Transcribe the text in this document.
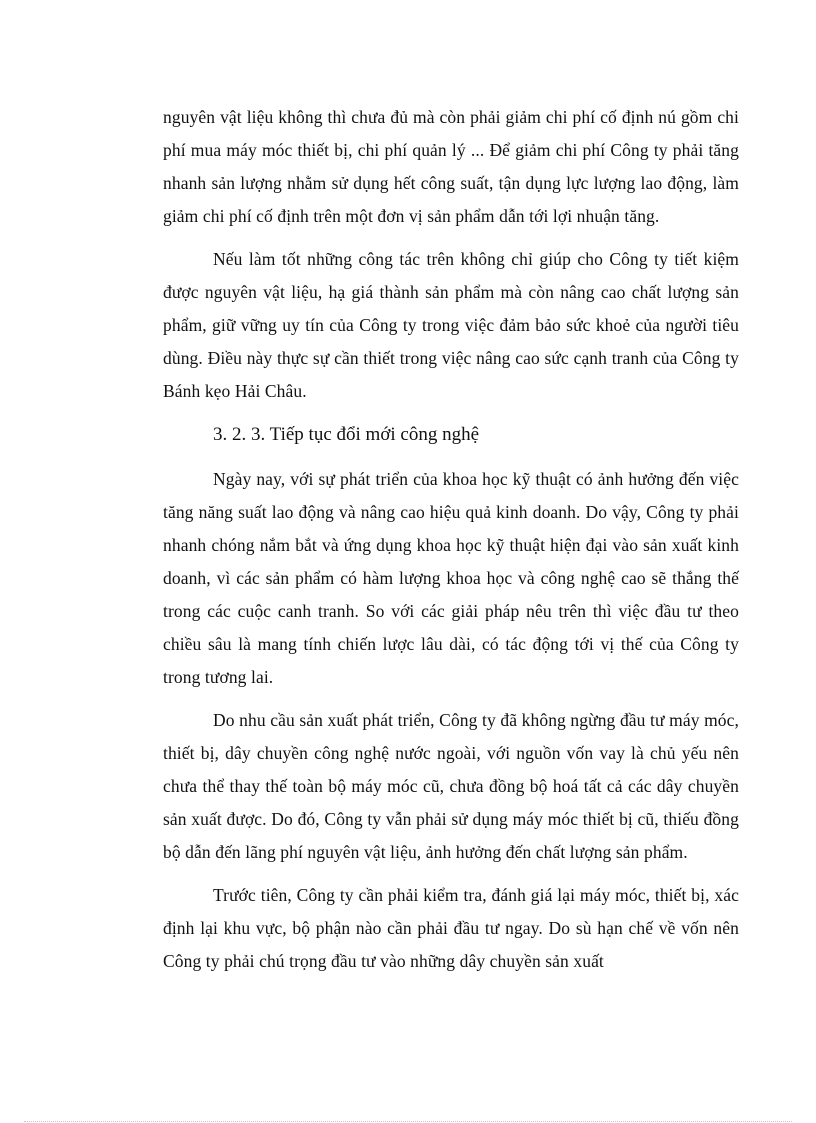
nguyên vật liệu không thì chưa đủ mà còn phải giảm chi phí cố định nú gồm chi phí mua máy móc thiết bị, chi phí quản lý ... Để giảm chi phí Công ty phải tăng nhanh sản lượng nhằm sử dụng hết công suất, tận dụng lực lượng lao động, làm giảm chi phí cố định trên một đơn vị sản phẩm dẫn tới lợi nhuận tăng.

Nếu làm tốt những công tác trên không chỉ giúp cho Công ty tiết kiệm được nguyên vật liệu, hạ giá thành sản phẩm mà còn nâng cao chất lượng sản phẩm, giữ vững uy tín của Công ty trong việc đảm bảo sức khoẻ của người tiêu dùng. Điều này thực sự cần thiết trong việc nâng cao sức cạnh tranh của Công ty Bánh kẹo Hải Châu.

3. 2. 3. Tiếp tục đổi mới công nghệ

Ngày nay, với sự phát triển của khoa học kỹ thuật có ảnh hưởng đến việc tăng năng suất lao động và nâng cao hiệu quả kinh doanh. Do vậy, Công ty phải nhanh chóng nắm bắt và ứng dụng khoa học kỹ thuật hiện đại vào sản xuất kinh doanh, vì các sản phẩm có hàm lượng khoa học và công nghệ cao sẽ thắng thế trong các cuộc canh tranh. So với các giải pháp nêu trên thì việc đầu tư theo chiều sâu là mang tính chiến lược lâu dài, có tác động tới vị thế của Công ty trong tương lai.

Do nhu cầu sản xuất phát triển, Công ty đã không ngừng đầu tư máy móc, thiết bị, dây chuyền công nghệ nước ngoài, với nguồn vốn vay là chủ yếu nên chưa thể thay thế toàn bộ máy móc cũ, chưa đồng bộ hoá tất cả các dây chuyền sản xuất được. Do đó, Công ty vẫn phải sử dụng máy móc thiết bị cũ, thiếu đồng bộ dẫn đến lãng phí nguyên vật liệu, ảnh hưởng đến chất lượng sản phẩm.

Trước tiên, Công ty cần phải kiểm tra, đánh giá lại máy móc, thiết bị, xác định lại khu vực, bộ phận nào cần phải đầu tư ngay. Do sù hạn chế về vốn nên Công ty phải chú trọng đầu tư vào những dây chuyền sản xuất
